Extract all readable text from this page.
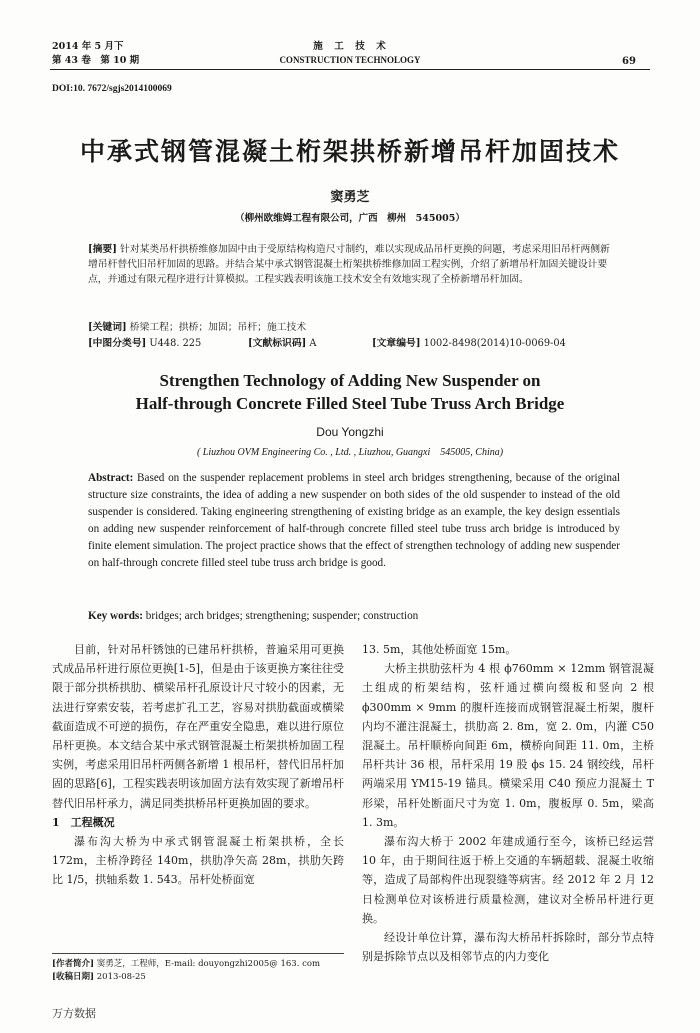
2014 年 5 月下
第 43 卷　第 10 期
施　工　技　术
CONSTRUCTION TECHNOLOGY	69
DOI:10. 7672/sgjs2014100069
中承式钢管混凝土桁架拱桥新增吊杆加固技术
窦勇芝
（柳州欧维姆工程有限公司，广西　柳州　545005）
[摘要] 针对某类吊杆拱桥维修加固中由于受原结构构造尺寸制约，难以实现成品吊杆更换的问题，考虑采用旧吊杆两侧新增吊杆替代旧吊杆加固的思路。并结合某中承式钢管混凝土桁架拱桥维修加固工程实例，介绍了新增吊杆加固关键设计要点，并通过有限元程序进行计算模拟。工程实践表明该施工技术安全有效地实现了全桥新增吊杆加固。
[关键词] 桥梁工程；拱桥；加固；吊杆；施工技术
[中图分类号] U448. 225	[文献标识码] A	[文章编号] 1002-8498(2014)10-0069-04
Strengthen Technology of Adding New Suspender on
Half-through Concrete Filled Steel Tube Truss Arch Bridge
Dou Yongzhi
( Liuzhou OVM Engineering Co. , Ltd. , Liuzhou, Guangxi　545005, China)
Abstract: Based on the suspender replacement problems in steel arch bridges strengthening, because of the original structure size constraints, the idea of adding a new suspender on both sides of the old suspender to instead of the old suspender is considered. Taking engineering strengthening of existing bridge as an example, the key design essentials on adding new suspender reinforcement of half-through concrete filled steel tube truss arch bridge is introduced by finite element simulation. The project practice shows that the effect of strengthen technology of adding new suspender on half-through concrete filled steel tube truss arch bridge is good.
Key words: bridges; arch bridges; strengthening; suspender; construction

目前，针对吊杆锈蚀的已建吊杆拱桥，普遍采用可更换式成品吊杆进行原位更换[1-5]，但是由于该更换方案往往受限于部分拱桥拱肋、横梁吊杆孔原设计尺寸较小的因素，无法进行穿索安装，若考虑扩孔工艺，容易对拱肋截面或横梁截面造成不可逆的损伤，存在严重安全隐患，难以进行原位吊杆更换。本文结合某中承式钢管混凝土桁架拱桥加固工程实例，考虑采用旧吊杆两侧各新增 1 根吊杆，替代旧吊杆加固的思路[6]，工程实践表明该加固方法有效实现了新增吊杆替代旧吊杆承力，满足同类拱桥吊杆更换加固的要求。

1　工程概况

瀑布沟大桥为中承式钢管混凝土桁架拱桥，全长 172m，主桥净跨径 140m，拱肋净矢高 28m，拱肋矢跨比 1/5，拱轴系数 1. 543。吊杆处桥面宽

13. 5m，其他处桥面宽 15m。

大桥主拱肋弦杆为 4 根 ϕ760mm × 12mm 钢管混凝土组成的桁架结构，弦杆通过横向缀板和竖向 2 根 ϕ300mm × 9mm 的腹杆连接而成钢管混凝土桁架，腹杆内均不灌注混凝土，拱肋高 2. 8m，宽 2. 0m，内灌 C50 混凝土。吊杆顺桥向间距 6m，横桥向间距 11. 0m，主桥吊杆共计 36 根，吊杆采用 19 股 ϕs 15. 24 钢绞线，吊杆两端采用 YM15-19 锚具。横梁采用 C40 预应力混凝土 T 形梁，吊杆处断面尺寸为宽 1. 0m，腹板厚 0. 5m，梁高 1. 3m。

瀑布沟大桥于 2002 年建成通行至今，该桥已经运营 10 年，由于期间往返于桥上交通的车辆超载、混凝土收缩等，造成了局部构件出现裂缝等病害。经 2012 年 2 月 12 日检测单位对该桥进行质量检测，建议对全桥吊杆进行更换。

经设计单位计算，瀑布沟大桥吊杆拆除时，部分节点特别是拆除节点以及相邻节点的内力变化

[作者简介] 窦勇芝，工程师，E-mail: douyongzhi2005@ 163. com
[收稿日期] 2013-08-25
万方数据
